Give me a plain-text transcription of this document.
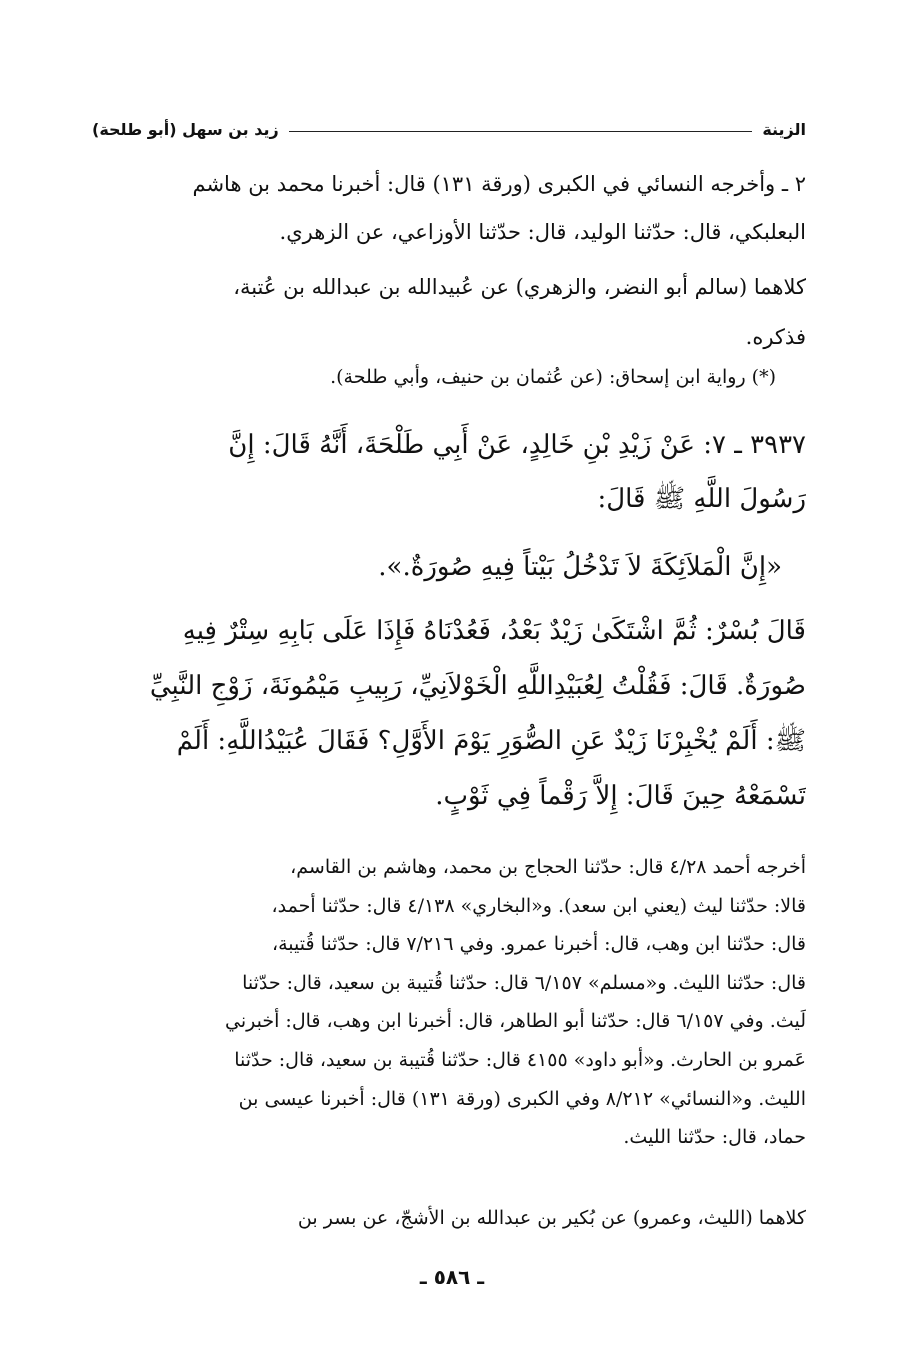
الزينة
زيد بن سهل (أبو طلحة)
٢ ـ وأخرجه النسائي في الكبرى (ورقة ١٣١) قال: أخبرنا محمد بن هاشم
البعلبكي، قال: حدّثنا الوليد، قال: حدّثنا الأوزاعي، عن الزهري.
كلاهما (سالم أبو النضر، والزهري) عن عُبيدالله بن عبدالله بن عُتبة،
فذكره.
(*) رواية ابن إسحاق: (عن عُثمان بن حنيف، وأبي طلحة).
٣٩٣٧ ـ ٧: عَنْ زَيْدِ بْنِ خَالِدٍ، عَنْ أَبِي طَلْحَةَ، أَنَّهُ قَالَ: إِنَّ
رَسُولَ اللَّهِ ﷺ قَالَ:
«إِنَّ الْمَلاَئِكَةَ لاَ تَدْخُلُ بَيْتاً فِيهِ صُورَةٌ.».
قَالَ بُسْرٌ: ثُمَّ اشْتَكَىٰ زَيْدٌ بَعْدُ، فَعُدْنَاهُ فَإِذَا عَلَى بَابِهِ سِتْرٌ فِيهِ
صُورَةٌ. قَالَ: فَقُلْتُ لِعُبَيْدِاللَّهِ الْخَوْلاَنِيِّ، رَبِيبِ مَيْمُونَةَ، زَوْجِ النَّبِيِّ
ﷺ: أَلَمْ يُخْبِرْنَا زَيْدٌ عَنِ الصُّوَرِ يَوْمَ الأَوَّلِ؟ فَقَالَ عُبَيْدُاللَّهِ: أَلَمْ
تَسْمَعْهُ حِينَ قَالَ: إِلاَّ رَقْماً فِي ثَوْبٍ.
أخرجه أحمد ٤/٢٨ قال: حدّثنا الحجاج بن محمد، وهاشم بن القاسم،
قالا: حدّثنا ليث (يعني ابن سعد). و«البخاري» ٤/١٣٨ قال: حدّثنا أحمد،
قال: حدّثنا ابن وهب، قال: أخبرنا عمرو. وفي ٧/٢١٦ قال: حدّثنا قُتيبة،
قال: حدّثنا الليث. و«مسلم» ٦/١٥٧ قال: حدّثنا قُتيبة بن سعيد، قال: حدّثنا
لَيث. وفي ٦/١٥٧ قال: حدّثنا أبو الطاهر، قال: أخبرنا ابن وهب، قال: أخبرني
عَمرو بن الحارث. و«أبو داود» ٤١٥٥ قال: حدّثنا قُتيبة بن سعيد، قال: حدّثنا
الليث. و«النسائي» ٨/٢١٢ وفي الكبرى (ورقة ١٣١) قال: أخبرنا عيسى بن
حماد، قال: حدّثنا الليث.
كلاهما (الليث، وعمرو) عن بُكير بن عبدالله بن الأشجّ، عن بسر بن
ـ ٥٨٦ ـ
